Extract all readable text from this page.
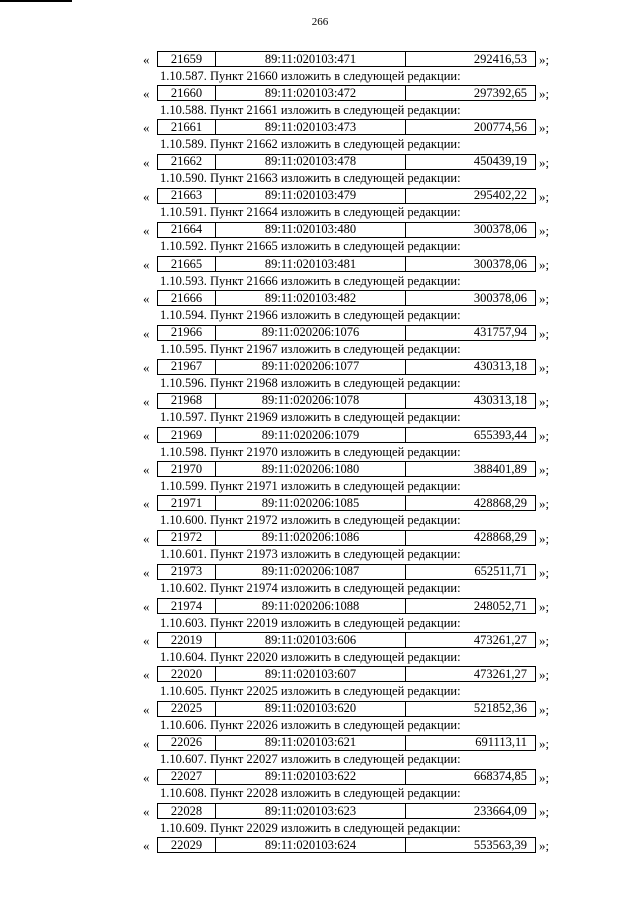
266
«	21659	89:11:020103:471	292416,53 »;
1.10.587. Пункт 21660 изложить в следующей редакции:
«	21660	89:11:020103:472	297392,65 »;
1.10.588. Пункт 21661 изложить в следующей редакции:
«	21661	89:11:020103:473	200774,56 »;
1.10.589. Пункт 21662 изложить в следующей редакции:
«	21662	89:11:020103:478	450439,19 »;
1.10.590. Пункт 21663 изложить в следующей редакции:
«	21663	89:11:020103:479	295402,22 »;
1.10.591. Пункт 21664 изложить в следующей редакции:
«	21664	89:11:020103:480	300378,06 »;
1.10.592. Пункт 21665 изложить в следующей редакции:
«	21665	89:11:020103:481	300378,06 »;
1.10.593. Пункт 21666 изложить в следующей редакции:
«	21666	89:11:020103:482	300378,06 »;
1.10.594. Пункт 21966 изложить в следующей редакции:
«	21966	89:11:020206:1076	431757,94 »;
1.10.595. Пункт 21967 изложить в следующей редакции:
«	21967	89:11:020206:1077	430313,18 »;
1.10.596. Пункт 21968 изложить в следующей редакции:
«	21968	89:11:020206:1078	430313,18 »;
1.10.597. Пункт 21969 изложить в следующей редакции:
«	21969	89:11:020206:1079	655393,44 »;
1.10.598. Пункт 21970 изложить в следующей редакции:
«	21970	89:11:020206:1080	388401,89 »;
1.10.599. Пункт 21971 изложить в следующей редакции:
«	21971	89:11:020206:1085	428868,29 »;
1.10.600. Пункт 21972 изложить в следующей редакции:
«	21972	89:11:020206:1086	428868,29 »;
1.10.601. Пункт 21973 изложить в следующей редакции:
«	21973	89:11:020206:1087	652511,71 »;
1.10.602. Пункт 21974 изложить в следующей редакции:
«	21974	89:11:020206:1088	248052,71 »;
1.10.603. Пункт 22019 изложить в следующей редакции:
«	22019	89:11:020103:606	473261,27 »;
1.10.604. Пункт 22020 изложить в следующей редакции:
«	22020	89:11:020103:607	473261,27 »;
1.10.605. Пункт 22025 изложить в следующей редакции:
«	22025	89:11:020103:620	521852,36 »;
1.10.606. Пункт 22026 изложить в следующей редакции:
«	22026	89:11:020103:621	691113,11 »;
1.10.607. Пункт 22027 изложить в следующей редакции:
«	22027	89:11:020103:622	668374,85 »;
1.10.608. Пункт 22028 изложить в следующей редакции:
«	22028	89:11:020103:623	233664,09 »;
1.10.609. Пункт 22029 изложить в следующей редакции:
«	22029	89:11:020103:624	553563,39 »;
